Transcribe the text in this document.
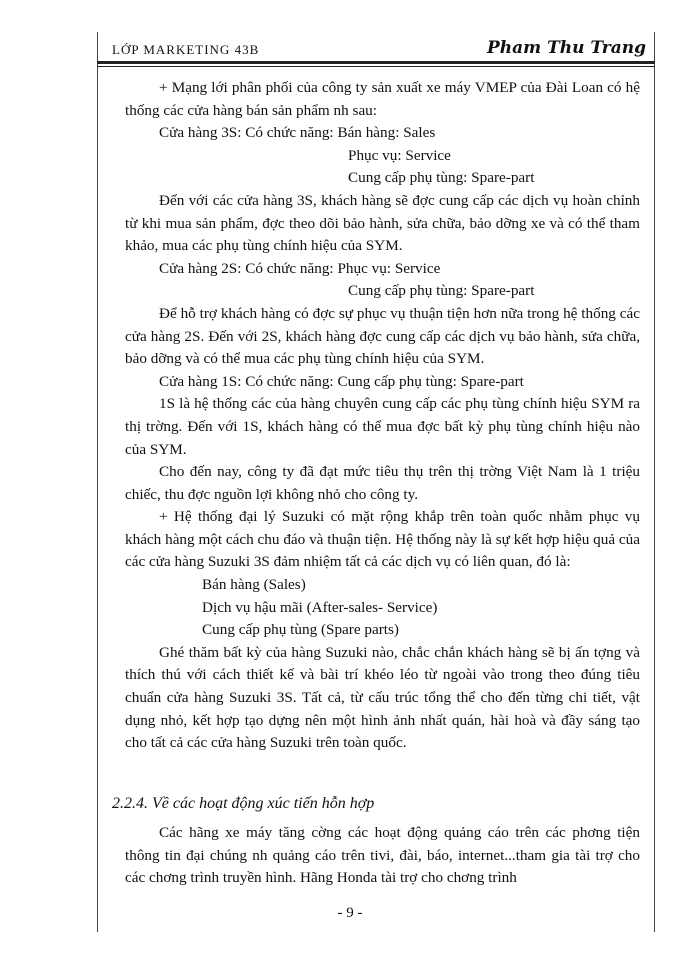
LỚP MARKETING 43B	Pham Thu Trang

+ Mạng lới phân phối của công ty sản xuất xe máy VMEP của Đài Loan có hệ thống các cửa hàng bán sản phẩm nh sau:

Cửa hàng 3S: Có chức năng: Bán hàng: Sales

Phục vụ: Service

Cung cấp phụ tùng: Spare-part

Đến với các cửa hàng 3S, khách hàng sẽ đợc cung cấp các dịch vụ hoàn chỉnh từ khi mua sản phẩm, đợc theo dõi bảo hành, sửa chữa, bảo dỡng xe và có thể tham khảo, mua các phụ tùng chính hiệu của SYM.

Cửa hàng 2S: Có chức năng: Phục vụ: Service

Cung cấp phụ tùng: Spare-part

Để hỗ trợ khách hàng có đợc sự phục vụ thuận tiện hơn nữa trong hệ thống các cửa hàng 2S. Đến với 2S, khách hàng đợc cung cấp các dịch vụ bảo hành, sửa chữa, bảo dỡng và có thể mua các phụ tùng chính hiệu của SYM.

Cửa hàng 1S: Có chức năng: Cung cấp phụ tùng: Spare-part

1S là hệ thống các của hàng chuyên cung cấp các phụ tùng chính hiệu SYM ra thị trờng. Đến với 1S, khách hàng có thể mua đợc bất kỳ phụ tùng chính hiệu nào của SYM.

Cho đến nay, công ty đã đạt mức tiêu thụ trên thị trờng Việt Nam là 1 triệu chiếc, thu đợc nguồn lợi không nhỏ cho công ty.

+ Hệ thống đại lý Suzuki có mặt rộng khắp trên toàn quốc nhằm phục vụ khách hàng một cách chu đáo và thuận tiện. Hệ thống này là sự kết hợp hiệu quả của các cửa hàng Suzuki 3S đảm nhiệm tất cả các dịch vụ có liên quan, đó là:

Bán hàng (Sales)

Dịch vụ hậu mãi (After-sales- Service)

Cung cấp phụ tùng (Spare parts)

Ghé thăm bất kỳ của hàng Suzuki nào, chắc chắn khách hàng sẽ bị ấn tợng và thích thú với cách thiết kế và bài trí khéo léo từ ngoài vào trong theo đúng tiêu chuẩn cửa hàng Suzuki 3S. Tất cả, từ cấu trúc tổng thể cho đến từng chi tiết, vật dụng nhỏ, kết hợp tạo dựng nên một hình ảnh nhất quán, hài hoà và đầy sáng tạo cho tất cả các cửa hàng Suzuki trên toàn quốc.

2.2.4. Về các hoạt động xúc tiến hỗn hợp

Các hãng xe máy tăng cờng các hoạt động quảng cáo trên các phơng tiện thông tin đại chúng nh quảng cáo trên tivi, đài, báo, internet...tham gia tài trợ cho các chơng trình truyền hình. Hãng Honda tài trợ cho chơng trình

- 9 -
